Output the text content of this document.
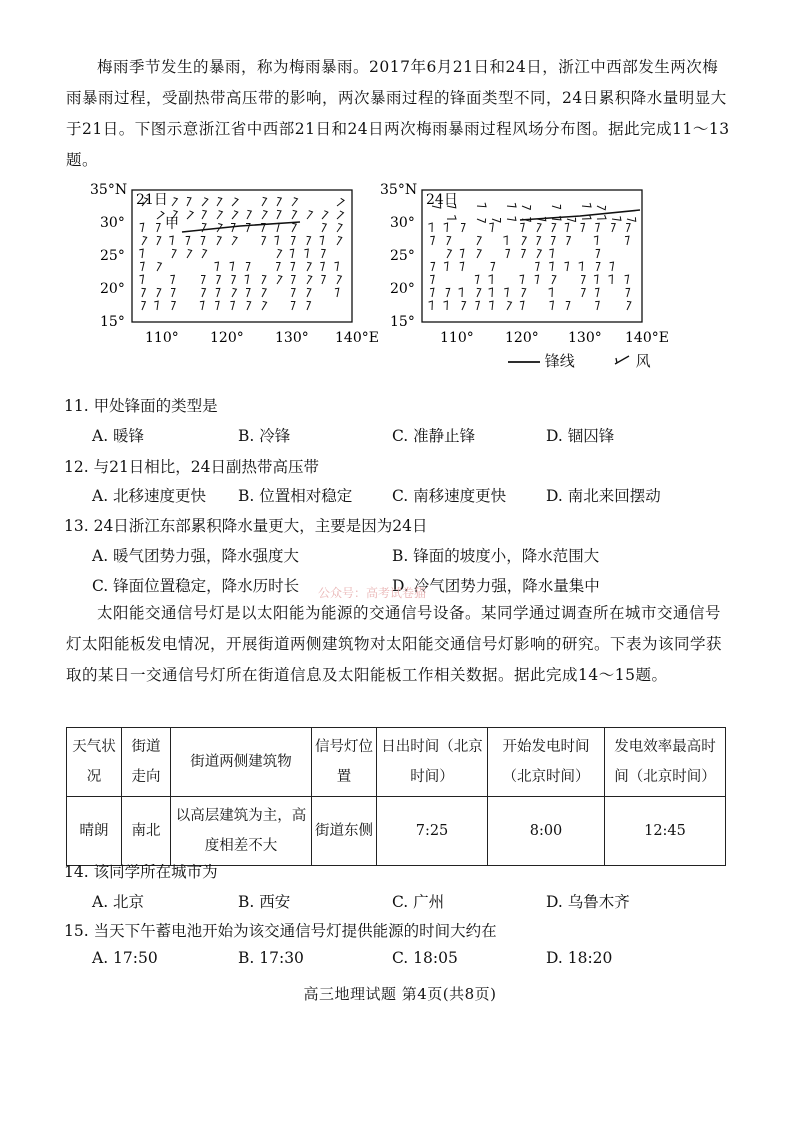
梅雨季节发生的暴雨，称为梅雨暴雨。2017年6月21日和24日，浙江中西部发生两次梅雨暴雨过程，受副热带高压带的影响，两次暴雨过程的锋面类型不同，24日累积降水量明显大于21日。下图示意浙江省中西部21日和24日两次梅雨暴雨过程风场分布图。据此完成11～13题。
21日
甲
35°N
30°
25°
20°
15°
110° 120° 130° 140°E
24日
35°N
30°
25°
20°
15°
110° 120° 130° 140°E
锋线	风
11. 甲处锋面的类型是
A. 暖锋	B. 冷锋	C. 准静止锋	D. 锢囚锋
12. 与21日相比，24日副热带高压带
A. 北移速度更快 B. 位置相对稳定	C. 南移速度更快	D. 南北来回摆动
13. 24日浙江东部累积降水量更大，主要是因为24日
A. 暖气团势力强，降水强度大	B. 锋面的坡度小，降水范围大
C. 锋面位置稳定，降水历时长	D. 冷气团势力强，降水量集中
公众号：高考试卷猫
太阳能交通信号灯是以太阳能为能源的交通信号设备。某同学通过调查所在城市交通信号灯太阳能板发电情况，开展街道两侧建筑物对太阳能交通信号灯影响的研究。下表为该同学获取的某日一交通信号灯所在街道信息及太阳能板工作相关数据。据此完成14～15题。
天气状况	街道走向	街道两侧建筑物	信号灯位置	日出时间（北京时间）	开始发电时间（北京时间）	发电效率最高时间（北京时间）
晴朗	南北	以高层建筑为主，高度相差不大	街道东侧	7:25	8:00	12:45
14. 该同学所在城市为
A. 北京	B. 西安	C. 广州	D. 乌鲁木齐
15. 当天下午蓄电池开始为该交通信号灯提供能源的时间大约在
A. 17:50	B. 17:30	C. 18:05	D. 18:20
高三地理试题 第4页(共8页)
